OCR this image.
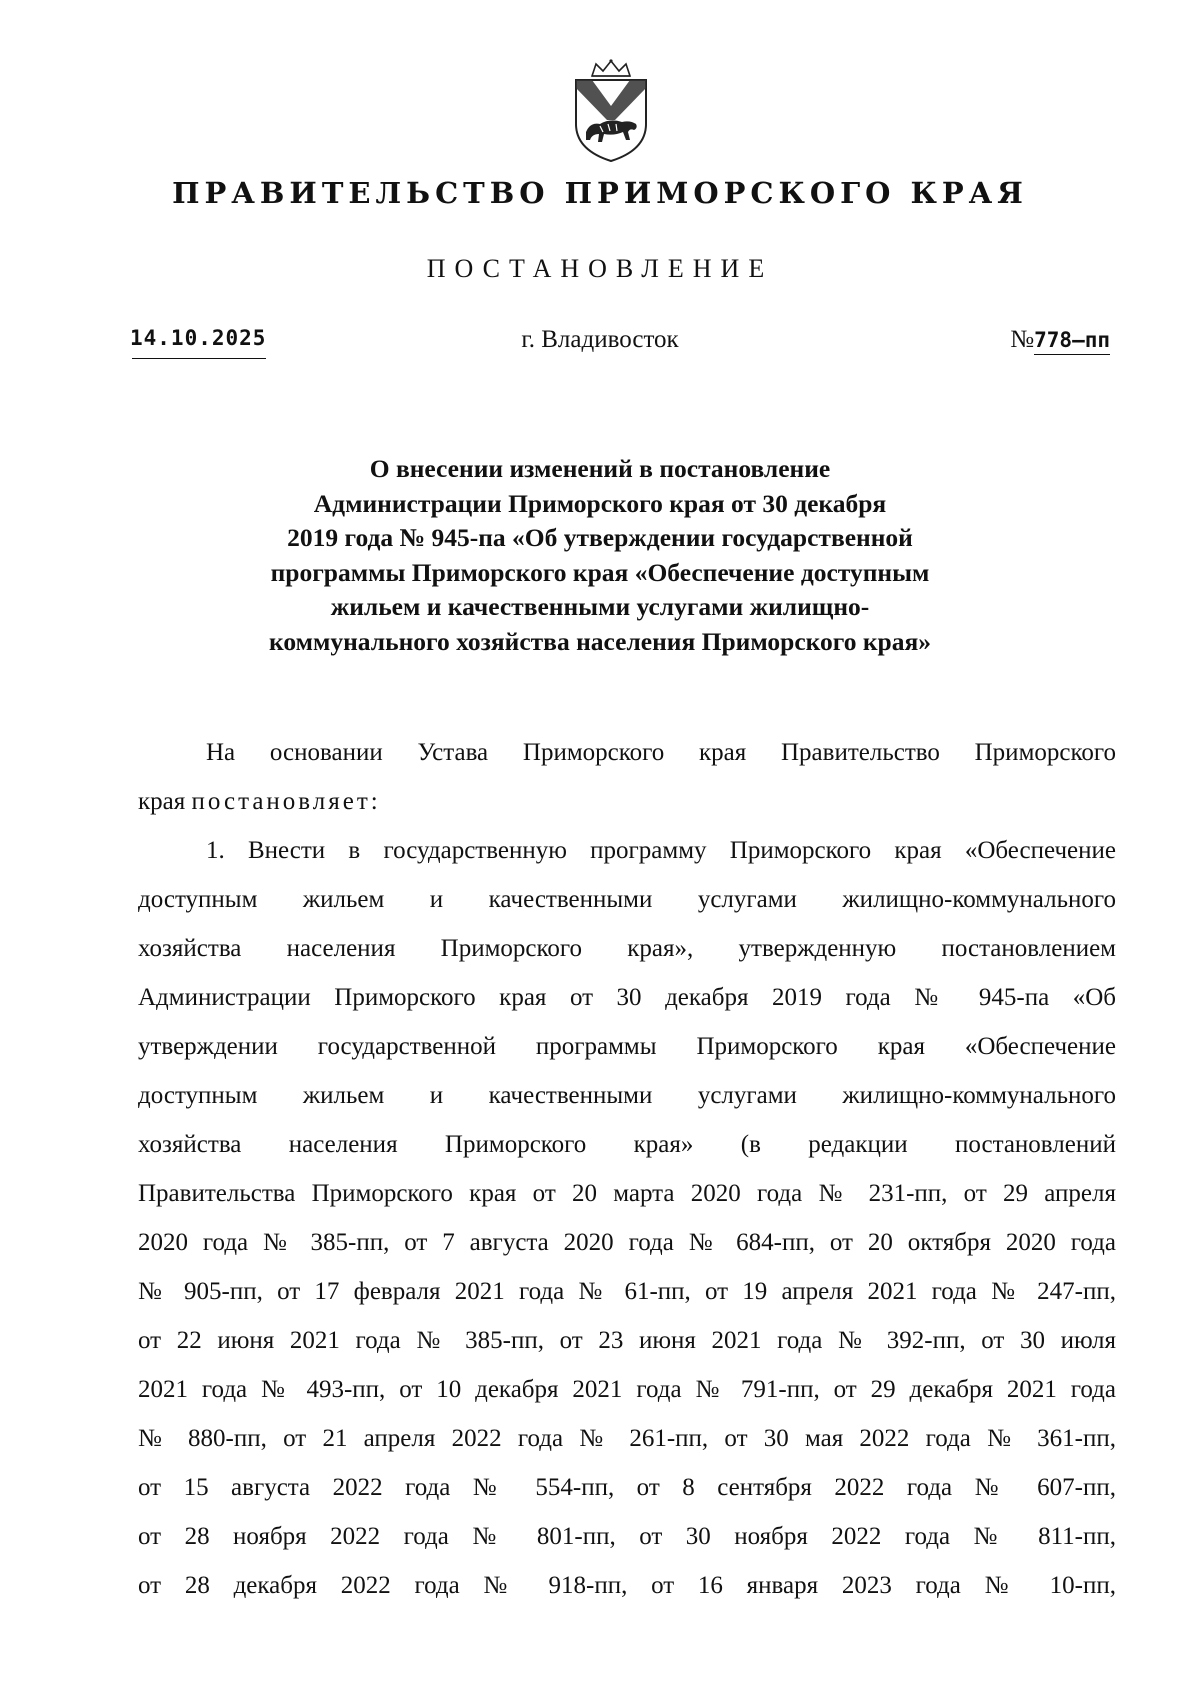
ПРАВИТЕЛЬСТВО ПРИМОРСКОГО КРАЯ
ПОСТАНОВЛЕНИЕ
14.10.2025	г. Владивосток	№778–пп
О внесении изменений в постановление
Администрации Приморского края от 30 декабря
2019 года № 945-па «Об утверждении государственной
программы Приморского края «Обеспечение доступным
жильем и качественными услугами жилищно-
коммунального хозяйства населения Приморского края»
На основании Устава Приморского края Правительство Приморского
края постановляет:
1. Внести в государственную программу Приморского края «Обеспечение
доступным жильем и качественными услугами жилищно-коммунального
хозяйства населения Приморского края», утвержденную постановлением
Администрации Приморского края от 30 декабря 2019 года № 945-па «Об
утверждении государственной программы Приморского края «Обеспечение
доступным жильем и качественными услугами жилищно-коммунального
хозяйства населения Приморского края» (в редакции постановлений
Правительства Приморского края от 20 марта 2020 года № 231-пп, от 29 апреля
2020 года № 385-пп, от 7 августа 2020 года № 684-пп, от 20 октября 2020 года
№ 905-пп, от 17 февраля 2021 года № 61-пп, от 19 апреля 2021 года № 247-пп,
от 22 июня 2021 года № 385-пп, от 23 июня 2021 года № 392-пп, от 30 июля
2021 года № 493-пп, от 10 декабря 2021 года № 791-пп, от 29 декабря 2021 года
№ 880-пп, от 21 апреля 2022 года № 261-пп, от 30 мая 2022 года № 361-пп,
от 15 августа 2022 года № 554-пп, от 8 сентября 2022 года № 607-пп,
от 28 ноября 2022 года № 801-пп, от 30 ноября 2022 года № 811-пп,
от 28 декабря 2022 года № 918-пп, от 16 января 2023 года № 10-пп,
